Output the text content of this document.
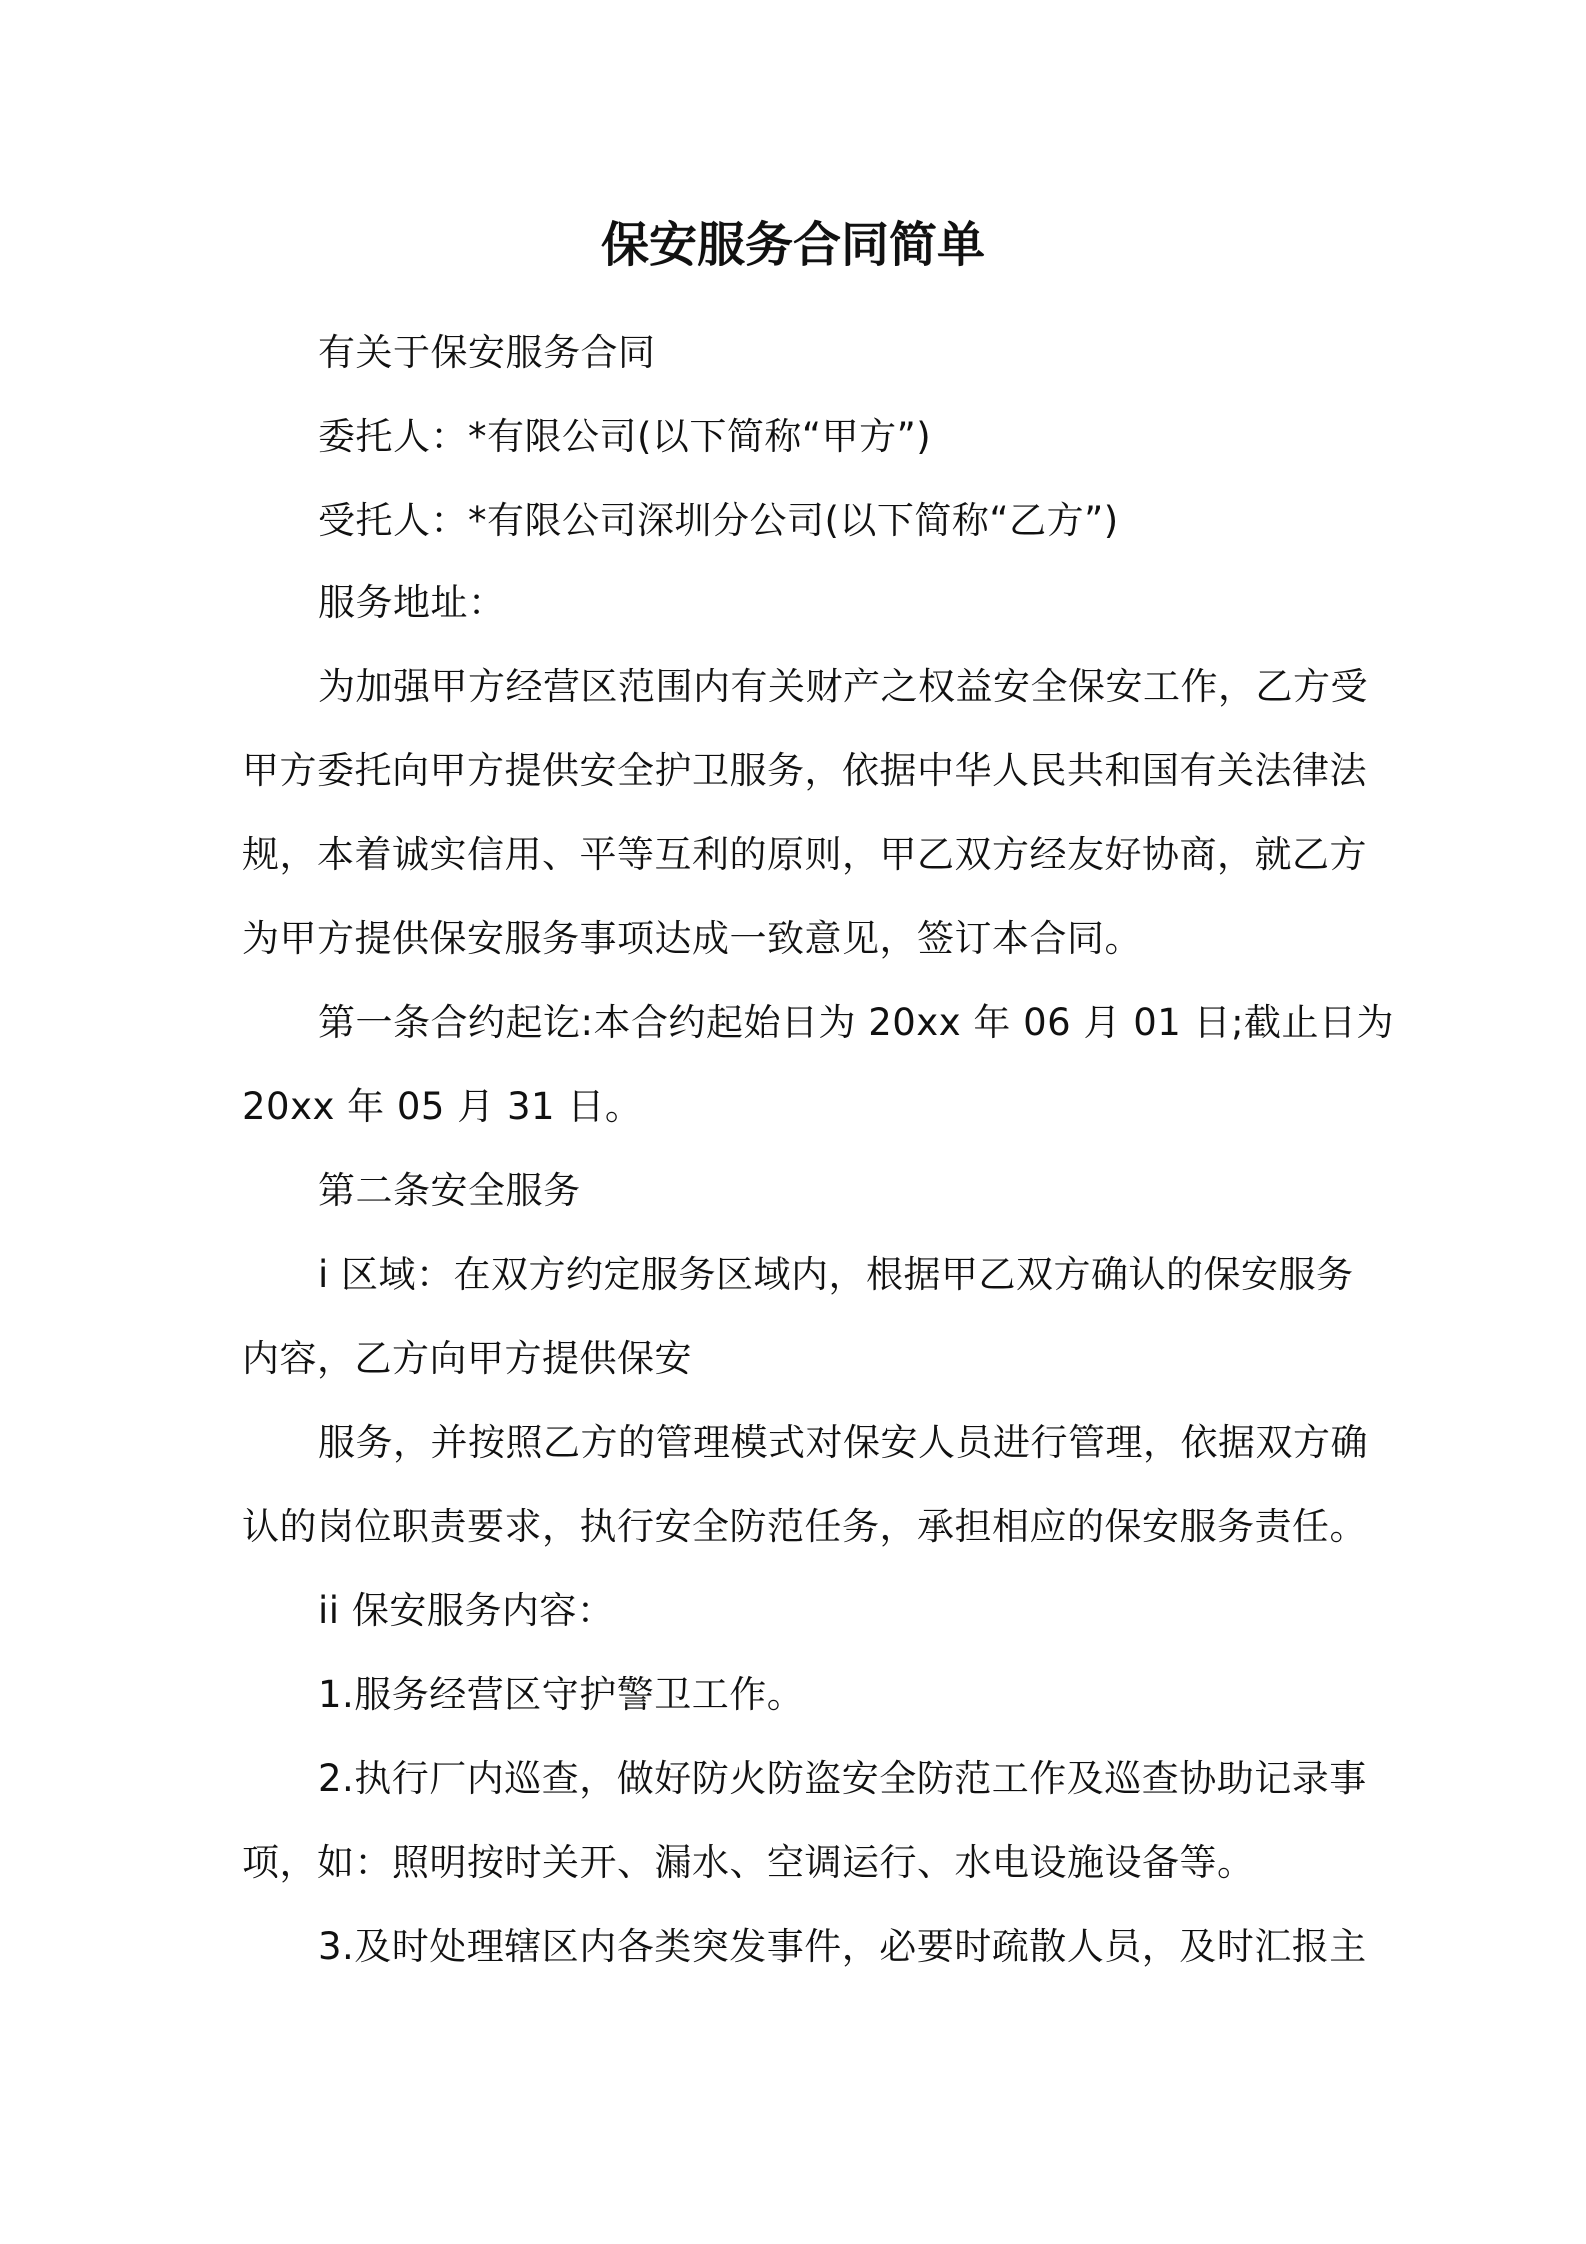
保安服务合同简单
有关于保安服务合同
委托人：*有限公司(以下简称“甲方”)
受托人：*有限公司深圳分公司(以下简称“乙方”)
服务地址：
为加强甲方经营区范围内有关财产之权益安全保安工作，乙方受
甲方委托向甲方提供安全护卫服务，依据中华人民共和国有关法律法
规，本着诚实信用、平等互利的原则，甲乙双方经友好协商，就乙方
为甲方提供保安服务事项达成一致意见，签订本合同。
第一条合约起讫:本合约起始日为 20xx 年 06 月 01 日;截止日为
20xx 年 05 月 31 日。
第二条安全服务
i 区域：在双方约定服务区域内，根据甲乙双方确认的保安服务
内容，乙方向甲方提供保安
服务，并按照乙方的管理模式对保安人员进行管理，依据双方确
认的岗位职责要求，执行安全防范任务，承担相应的保安服务责任。
ii 保安服务内容：
1.服务经营区守护警卫工作。
2.执行厂内巡查，做好防火防盗安全防范工作及巡查协助记录事
项，如：照明按时关开、漏水、空调运行、水电设施设备等。
3.及时处理辖区内各类突发事件，必要时疏散人员，及时汇报主
